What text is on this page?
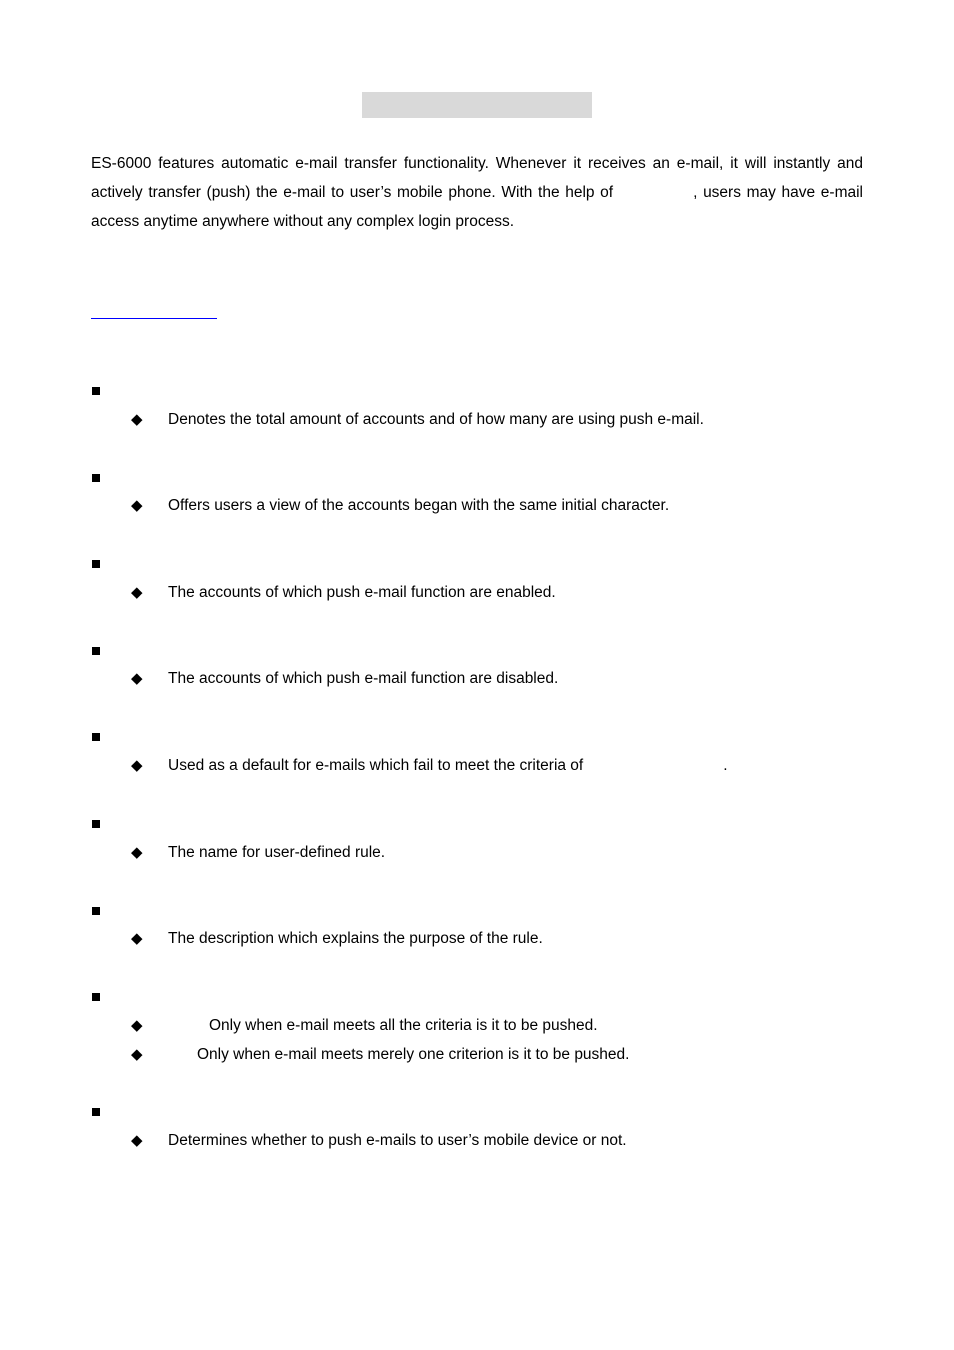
ES-6000 features automatic e-mail transfer functionality. Whenever it receives an e-mail, it will instantly and actively transfer (push) the e-mail to user’s mobile phone. With the help of	, users may have e-mail access anytime anywhere without any complex login process.

◆ Denotes the total amount of accounts and of how many are using push e-mail.
◆ Offers users a view of the accounts began with the same initial character.
◆ The accounts of which push e-mail function are enabled.
◆ The accounts of which push e-mail function are disabled.
◆ Used as a default for e-mails which fail to meet the criteria of	.
◆ The name for user-defined rule.
◆ The description which explains the purpose of the rule.
◆	Only when e-mail meets all the criteria is it to be pushed.
◆	Only when e-mail meets merely one criterion is it to be pushed.
◆ Determines whether to push e-mails to user’s mobile device or not.
